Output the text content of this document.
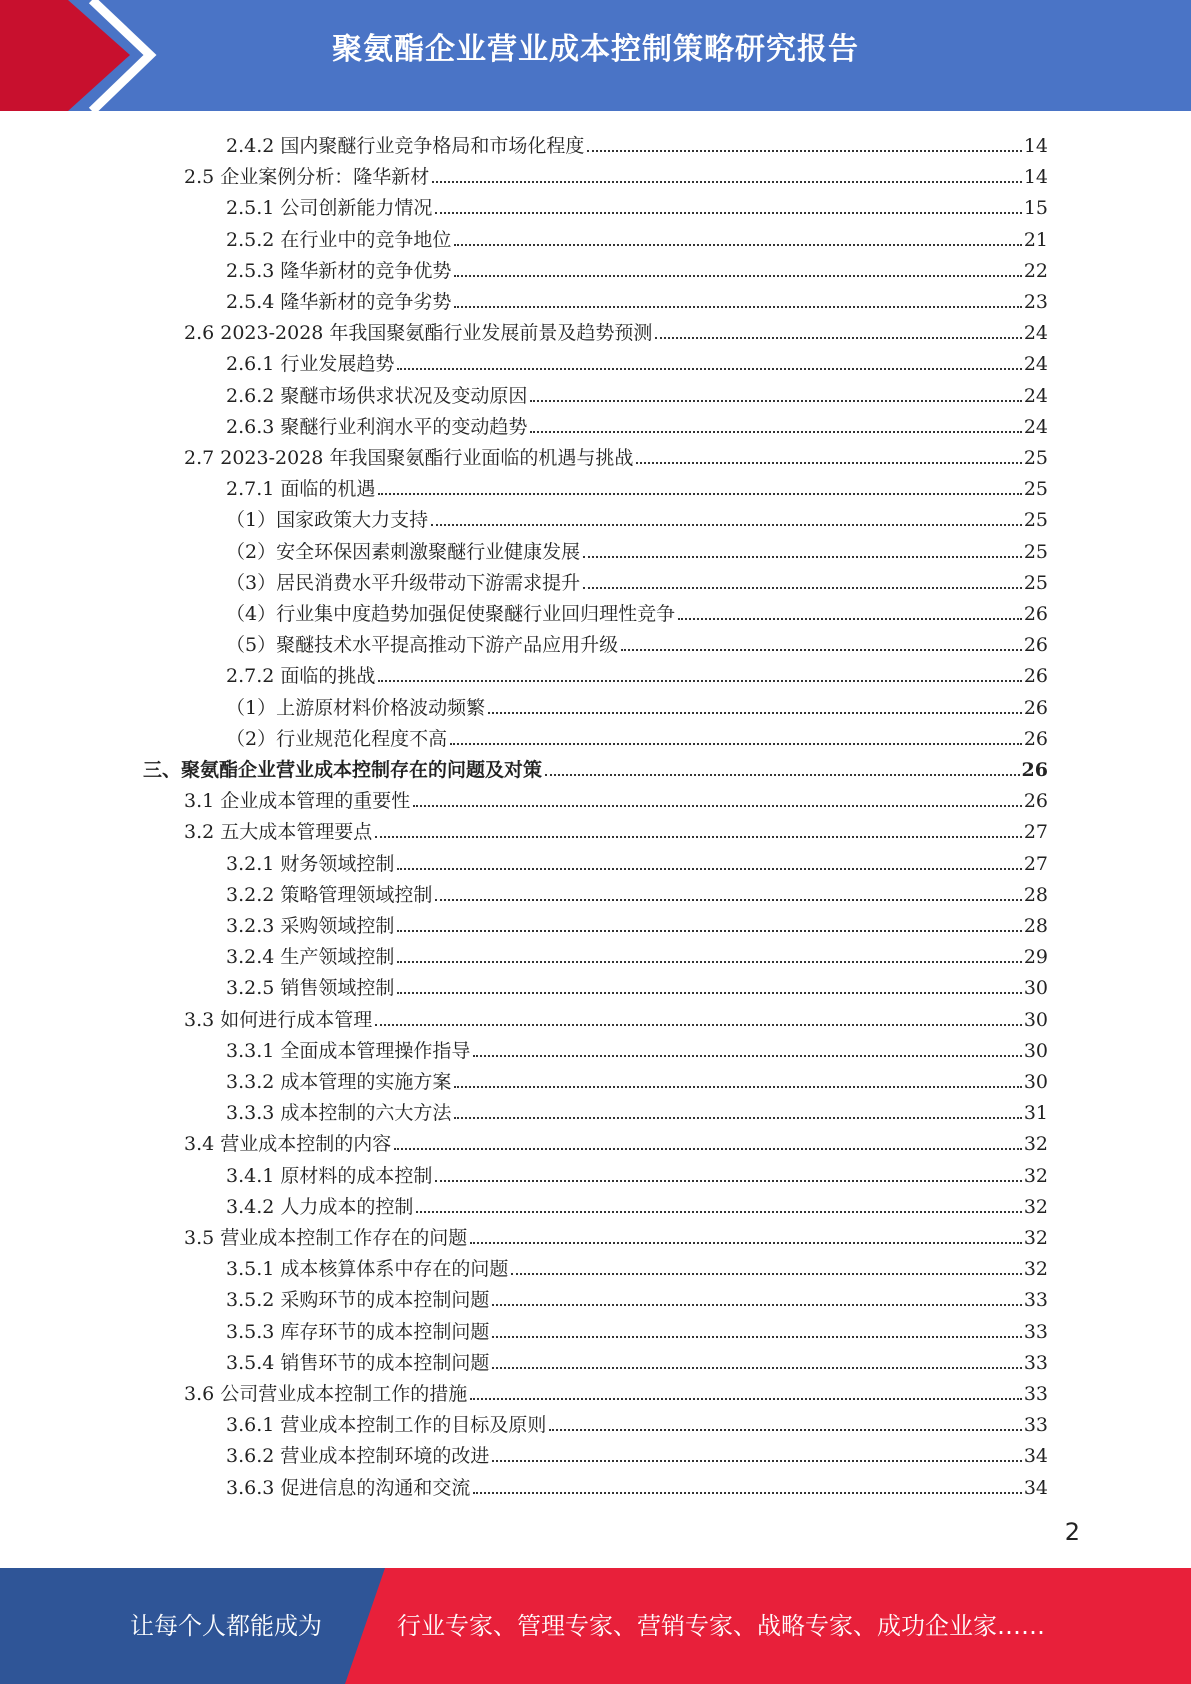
聚氨酯企业营业成本控制策略研究报告
2.4.2 国内聚醚行业竞争格局和市场化程度	14
2.5 企业案例分析：隆华新材	14
2.5.1 公司创新能力情况	15
2.5.2 在行业中的竞争地位	21
2.5.3 隆华新材的竞争优势	22
2.5.4 隆华新材的竞争劣势	23
2.6 2023-2028 年我国聚氨酯行业发展前景及趋势预测	24
2.6.1 行业发展趋势	24
2.6.2 聚醚市场供求状况及变动原因	24
2.6.3 聚醚行业利润水平的变动趋势	24
2.7 2023-2028 年我国聚氨酯行业面临的机遇与挑战	25
2.7.1 面临的机遇	25
（1）国家政策大力支持	25
（2）安全环保因素刺激聚醚行业健康发展	25
（3）居民消费水平升级带动下游需求提升	25
（4）行业集中度趋势加强促使聚醚行业回归理性竞争	26
（5）聚醚技术水平提高推动下游产品应用升级	26
2.7.2 面临的挑战	26
（1）上游原材料价格波动频繁	26
（2）行业规范化程度不高	26
三、聚氨酯企业营业成本控制存在的问题及对策	26
3.1 企业成本管理的重要性	26
3.2 五大成本管理要点	27
3.2.1 财务领域控制	27
3.2.2 策略管理领域控制	28
3.2.3 采购领域控制	28
3.2.4 生产领域控制	29
3.2.5 销售领域控制	30
3.3 如何进行成本管理	30
3.3.1 全面成本管理操作指导	30
3.3.2 成本管理的实施方案	30
3.3.3 成本控制的六大方法	31
3.4 营业成本控制的内容	32
3.4.1 原材料的成本控制	32
3.4.2 人力成本的控制	32
3.5 营业成本控制工作存在的问题	32
3.5.1 成本核算体系中存在的问题	32
3.5.2 采购环节的成本控制问题	33
3.5.3 库存环节的成本控制问题	33
3.5.4 销售环节的成本控制问题	33
3.6 公司营业成本控制工作的措施	33
3.6.1 营业成本控制工作的目标及原则	33
3.6.2 营业成本控制环境的改进	34
3.6.3 促进信息的沟通和交流	34
2
让每个人都能成为	行业专家、管理专家、营销专家、战略专家、成功企业家……
